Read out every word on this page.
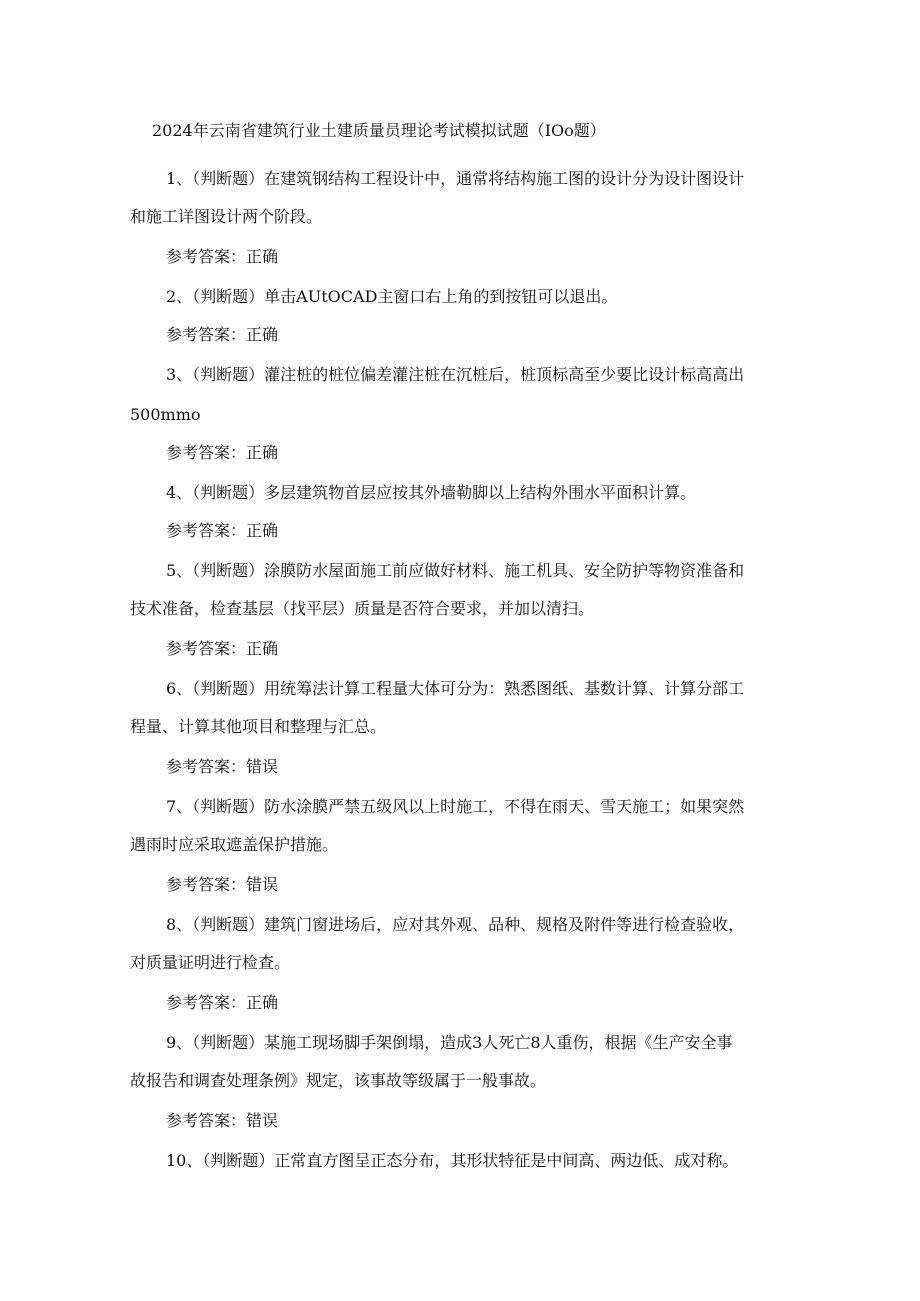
2024年云南省建筑行业土建质量员理论考试模拟试题（IOo题）
1、（判断题）在建筑钢结构工程设计中，通常将结构施工图的设计分为设计图设计
和施工详图设计两个阶段。
参考答案：正确
2、（判断题）单击AUtOCAD主窗口右上角的到按钮可以退出。
参考答案：正确
3、（判断题）灌注桩的桩位偏差灌注桩在沉桩后，桩顶标高至少要比设计标高高出
500mmo
参考答案：正确
4、（判断题）多层建筑物首层应按其外墙勒脚以上结构外围水平面积计算。
参考答案：正确
5、（判断题）涂膜防水屋面施工前应做好材料、施工机具、安全防护等物资准备和
技术准备，检查基层（找平层）质量是否符合要求，并加以清扫。
参考答案：正确
6、（判断题）用统筹法计算工程量大体可分为：熟悉图纸、基数计算、计算分部工
程量、计算其他项目和整理与汇总。
参考答案：错误
7、（判断题）防水涂膜严禁五级风以上时施工，不得在雨天、雪天施工；如果突然
遇雨时应采取遮盖保护措施。
参考答案：错误
8、（判断题）建筑门窗进场后，应对其外观、品种、规格及附件等进行检查验收，
对质量证明进行检查。
参考答案：正确
9、（判断题）某施工现场脚手架倒塌，造成3人死亡8人重伤，根据《生产安全事
故报告和调查处理条例》规定，该事故等级属于一般事故。
参考答案：错误
10、（判断题）正常直方图呈正态分布，其形状特征是中间高、两边低、成对称。
